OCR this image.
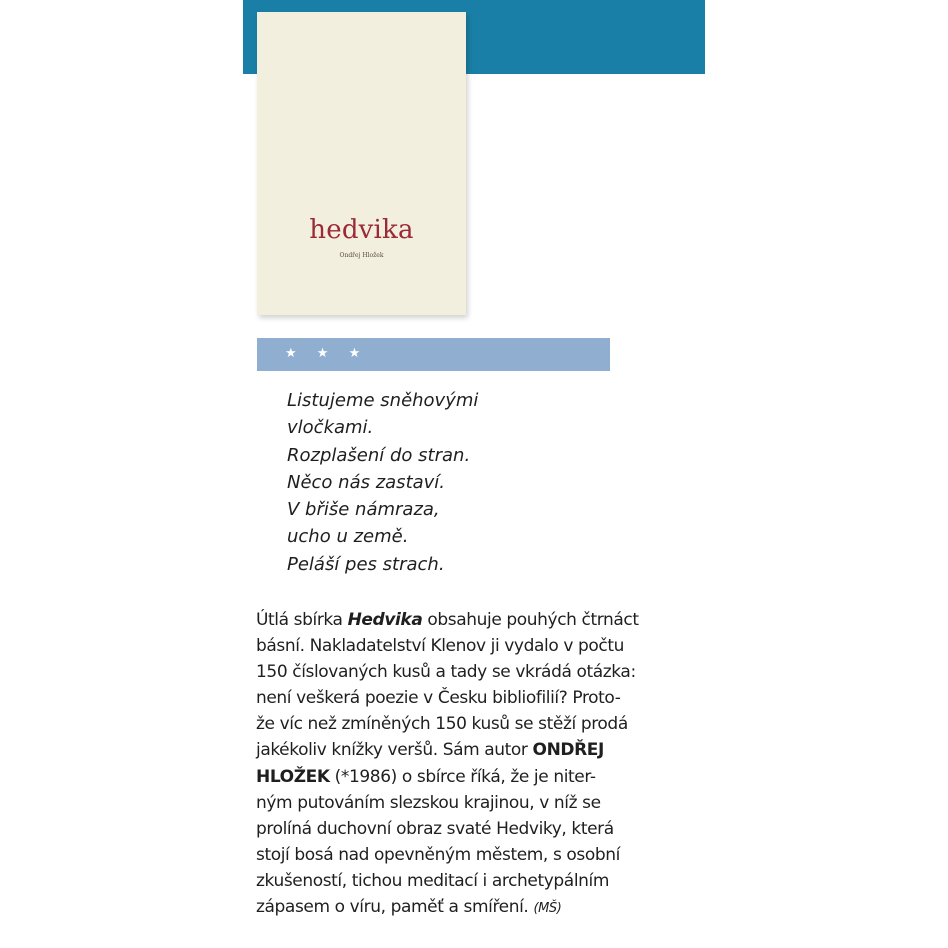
hedvika
Ondřej Hložek
★ ★ ★
Listujeme sněhovými
vločkami.
Rozplašení do stran.
Něco nás zastaví.
V břiše námraza,
ucho u země.
Peláší pes strach.
Útlá sbírka Hedvika obsahuje pouhých čtrnáct
básní. Nakladatelství Klenov ji vydalo v počtu
150 číslovaných kusů a tady se vkrádá otázka:
není veškerá poezie v Česku bibliofilií? Proto-
že víc než zmíněných 150 kusů se stěží prodá
jakékoliv knížky veršů. Sám autor ONDŘEJ
HLOŽEK (*1986) o sbírce říká, že je niter-
ným putováním slezskou krajinou, v níž se
prolíná duchovní obraz svaté Hedviky, která
stojí bosá nad opevněným městem, s osobní
zkušeností, tichou meditací i archetypálním
zápasem o víru, paměť a smíření. (MŠ)
